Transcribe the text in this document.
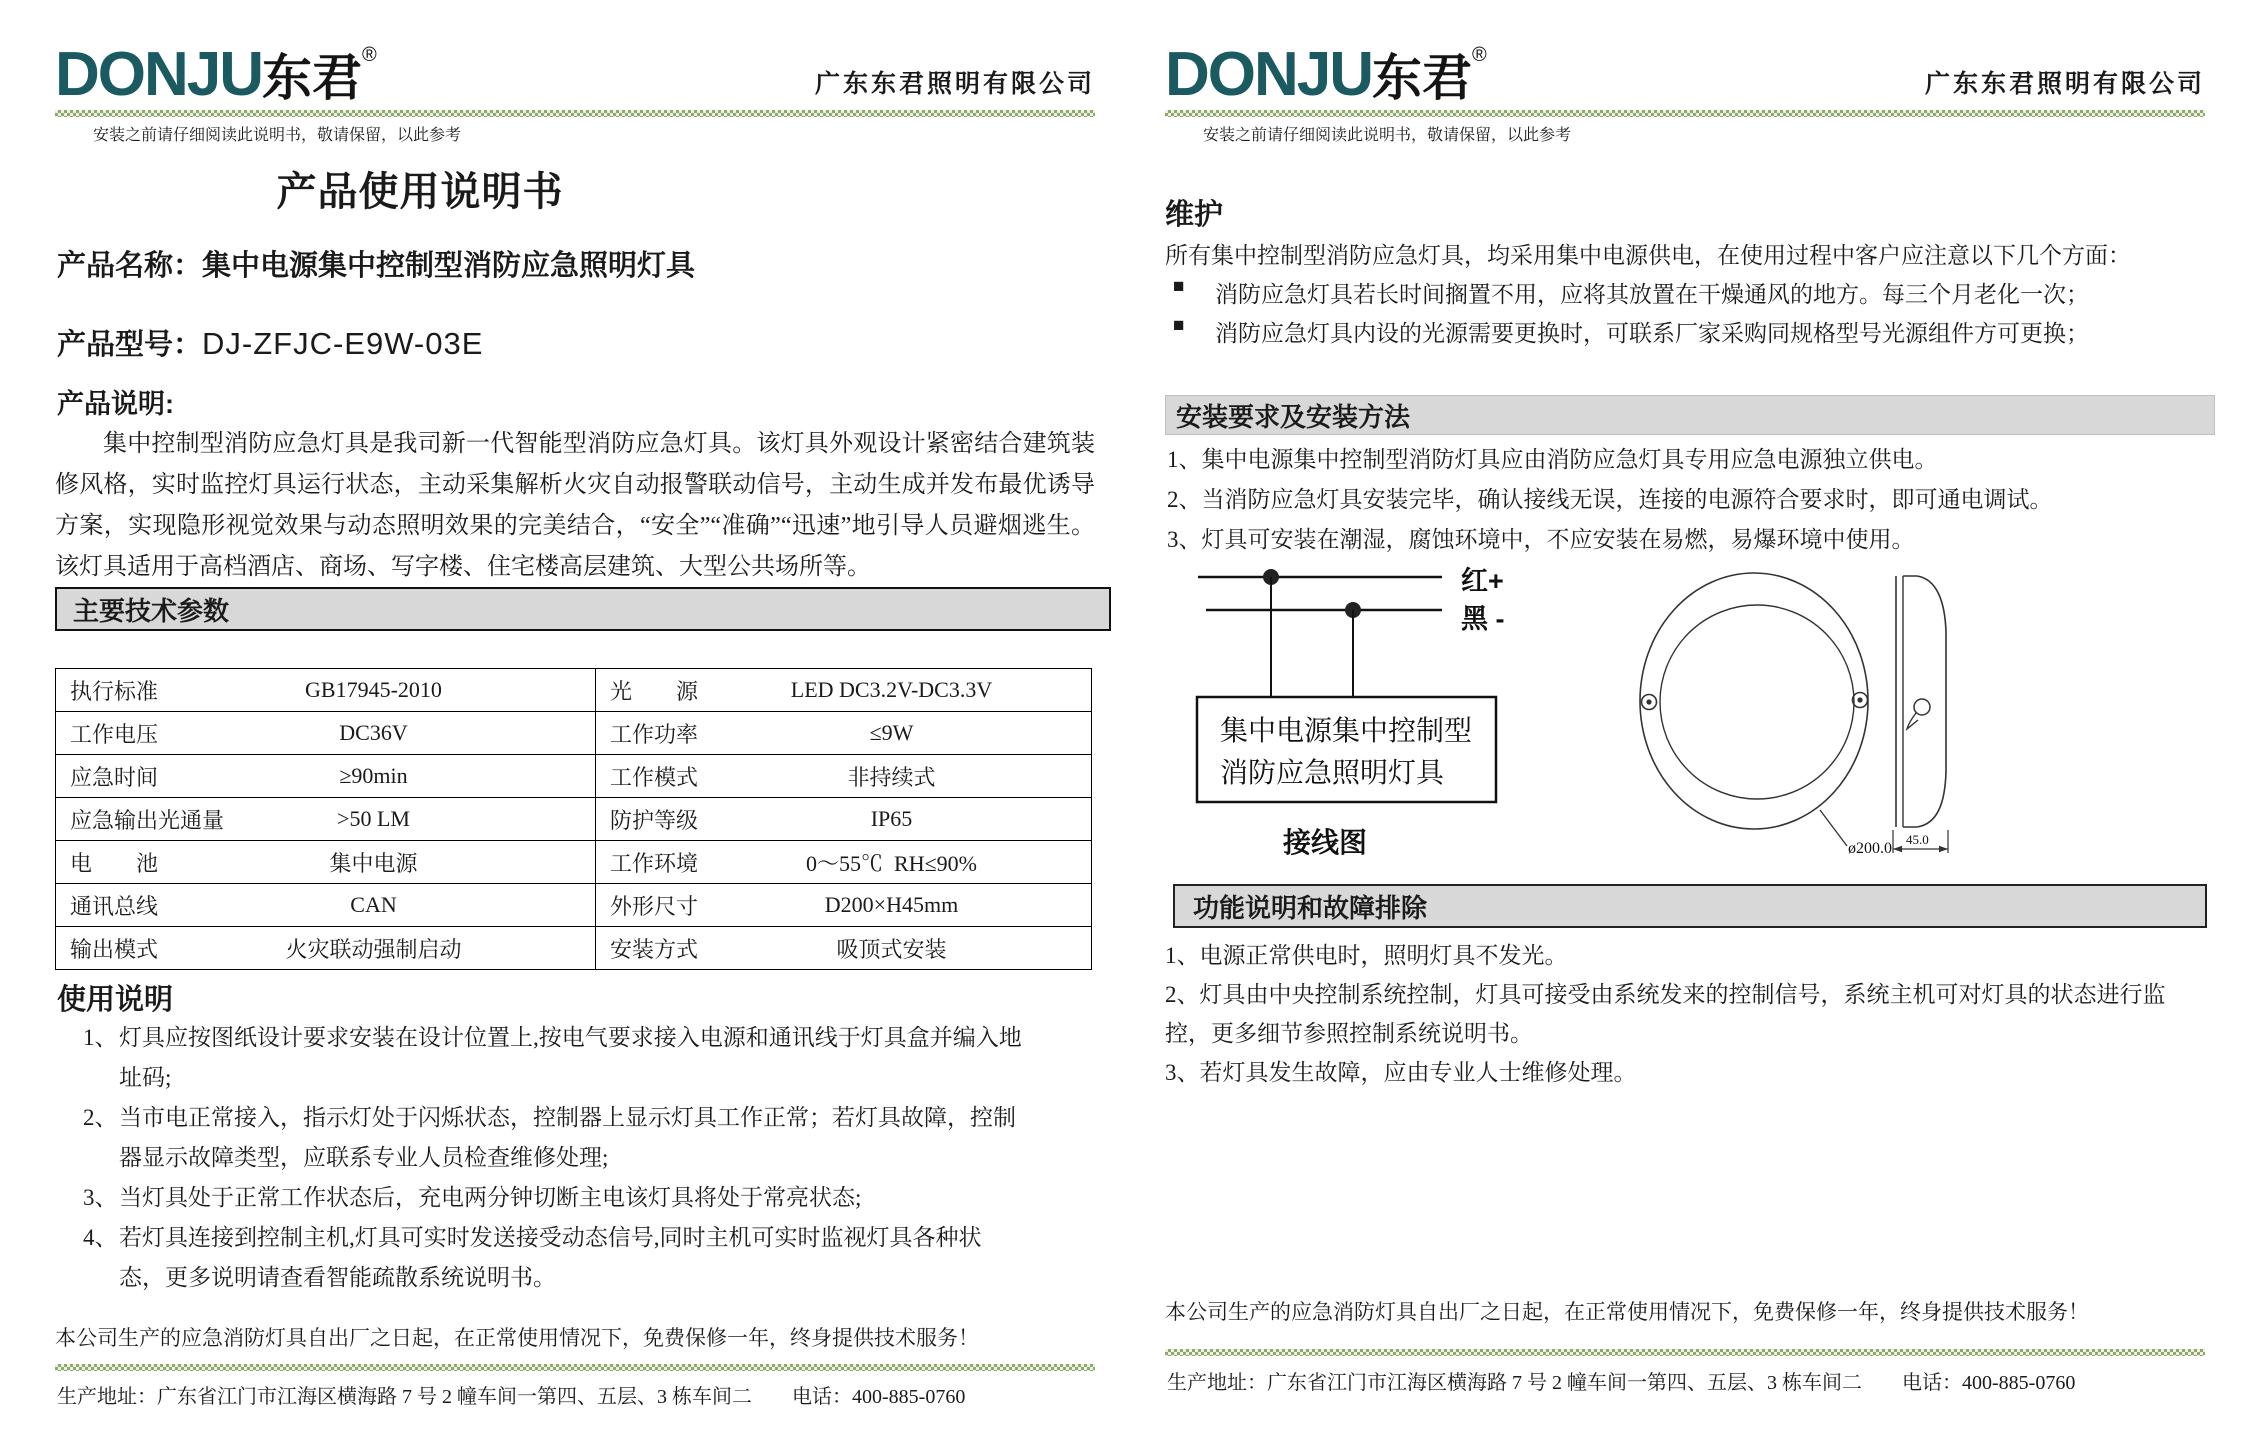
DONJU东君®
广东东君照明有限公司
安装之前请仔细阅读此说明书，敬请保留，以此参考
产品使用说明书
产品名称：集中电源集中控制型消防应急照明灯具
产品型号：DJ-ZFJC-E9W-03E
产品说明:
集中控制型消防应急灯具是我司新一代智能型消防应急灯具。该灯具外观设计紧密结合建筑装修风格，实时监控灯具运行状态，主动采集解析火灾自动报警联动信号，主动生成并发布最优诱导方案，实现隐形视觉效果与动态照明效果的完美结合，“安全”“准确”“迅速”地引导人员避烟逃生。该灯具适用于高档酒店、商场、写字楼、住宅楼高层建筑、大型公共场所等。
主要技术参数
执行标准	GB17945-2010	光　　源	LED DC3.2V-DC3.3V
工作电压	DC36V	工作功率	≤9W
应急时间	≥90min	工作模式	非持续式
应急输出光通量	>50 LM	防护等级	IP65
电　　池	集中电源	工作环境	0～55℃  RH≤90%
通讯总线	CAN	外形尺寸	D200×H45mm
输出模式	火灾联动强制启动	安装方式	吸顶式安装
使用说明
1、 灯具应按图纸设计要求安装在设计位置上,按电气要求接入电源和通讯线于灯具盒并编入地址码;
2、 当市电正常接入，指示灯处于闪烁状态，控制器上显示灯具工作正常；若灯具故障，控制器显示故障类型，应联系专业人员检查维修处理;
3、 当灯具处于正常工作状态后，充电两分钟切断主电该灯具将处于常亮状态;
4、 若灯具连接到控制主机,灯具可实时发送接受动态信号,同时主机可实时监视灯具各种状态，更多说明请查看智能疏散系统说明书。
本公司生产的应急消防灯具自出厂之日起，在正常使用情况下，免费保修一年，终身提供技术服务！
生产地址：广东省江门市江海区横海路 7 号 2 幢车间一第四、五层、3 栋车间二　　电话：400-885-0760
DONJU东君®
广东东君照明有限公司
安装之前请仔细阅读此说明书，敬请保留，以此参考
维护
所有集中控制型消防应急灯具，均采用集中电源供电，在使用过程中客户应注意以下几个方面：
■	消防应急灯具若长时间搁置不用，应将其放置在干燥通风的地方。每三个月老化一次；
■	消防应急灯具内设的光源需要更换时，可联系厂家采购同规格型号光源组件方可更换；
安装要求及安装方法
1、集中电源集中控制型消防灯具应由消防应急灯具专用应急电源独立供电。
2、当消防应急灯具安装完毕，确认接线无误，连接的电源符合要求时，即可通电调试。
3、灯具可安装在潮湿，腐蚀环境中，不应安装在易燃，易爆环境中使用。
集中电源集中控制型
消防应急照明灯具
红+
黑 -
接线图	ø200.0
45.0
功能说明和故障排除
1、电源正常供电时，照明灯具不发光。
2、灯具由中央控制系统控制，灯具可接受由系统发来的控制信号，系统主机可对灯具的状态进行监控，更多细节参照控制系统说明书。
3、若灯具发生故障，应由专业人士维修处理。
本公司生产的应急消防灯具自出厂之日起，在正常使用情况下，免费保修一年，终身提供技术服务！
生产地址：广东省江门市江海区横海路 7 号 2 幢车间一第四、五层、3 栋车间二　　电话：400-885-0760
